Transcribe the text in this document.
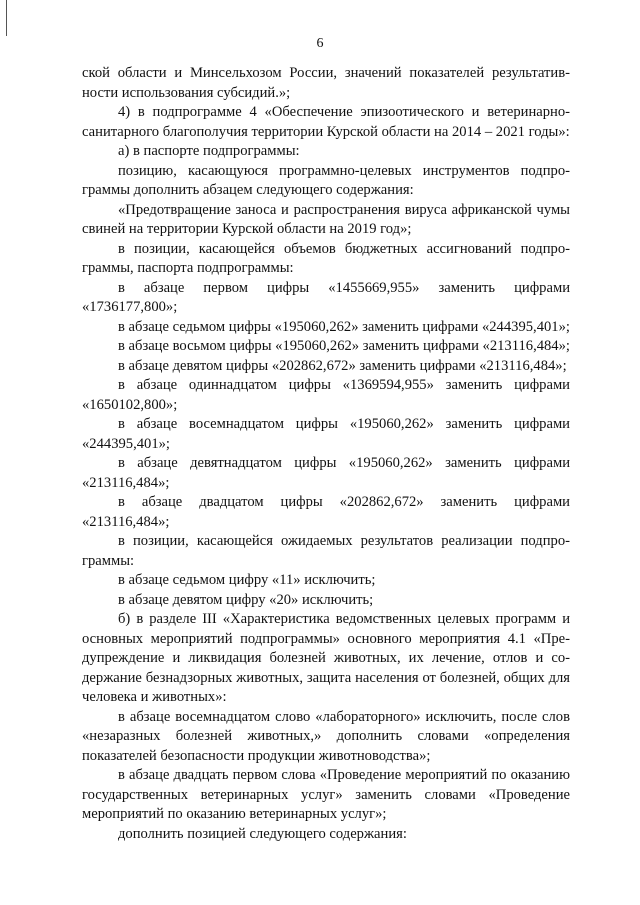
6

ской области и Минсельхозом России, значений показателей результативности использования субсидий.»;

4) в подпрограмме 4 «Обеспечение эпизоотического и ветеринарно-санитарного благополучия территории Курской области на 2014 – 2021 годы»:

а) в паспорте подпрограммы:

позицию, касающуюся программно-целевых инструментов подпрограммы дополнить абзацем следующего содержания:

«Предотвращение заноса и распространения вируса африканской чумы свиней на территории Курской области на 2019 год»;

в позиции, касающейся объемов бюджетных ассигнований подпрограммы, паспорта подпрограммы:

в абзаце первом цифры «1455669,955» заменить цифрами «1736177,800»;

в абзаце седьмом цифры «195060,262» заменить цифрами «244395,401»;

в абзаце восьмом цифры «195060,262» заменить цифрами «213116,484»;

в абзаце девятом цифры «202862,672» заменить цифрами «213116,484»;

в абзаце одиннадцатом цифры «1369594,955» заменить цифрами «1650102,800»;

в абзаце восемнадцатом цифры «195060,262» заменить цифрами «244395,401»;

в абзаце девятнадцатом цифры «195060,262» заменить цифрами «213116,484»;

в абзаце двадцатом цифры «202862,672» заменить цифрами «213116,484»;

в позиции, касающейся ожидаемых результатов реализации подпрограммы:

в абзаце седьмом цифру «11» исключить;

в абзаце девятом цифру «20» исключить;

б) в разделе III «Характеристика ведомственных целевых программ и основных мероприятий подпрограммы» основного мероприятия 4.1 «Предупреждение и ликвидация болезней животных, их лечение, отлов и содержание безнадзорных животных, защита населения от болезней, общих для человека и животных»:

в абзаце восемнадцатом слово «лабораторного» исключить, после слов «незаразных болезней животных,» дополнить словами «определения показателей безопасности продукции животноводства»;

в абзаце двадцать первом слова «Проведение мероприятий по оказанию государственных ветеринарных услуг» заменить словами «Проведение мероприятий по оказанию ветеринарных услуг»;

дополнить позицией следующего содержания:
